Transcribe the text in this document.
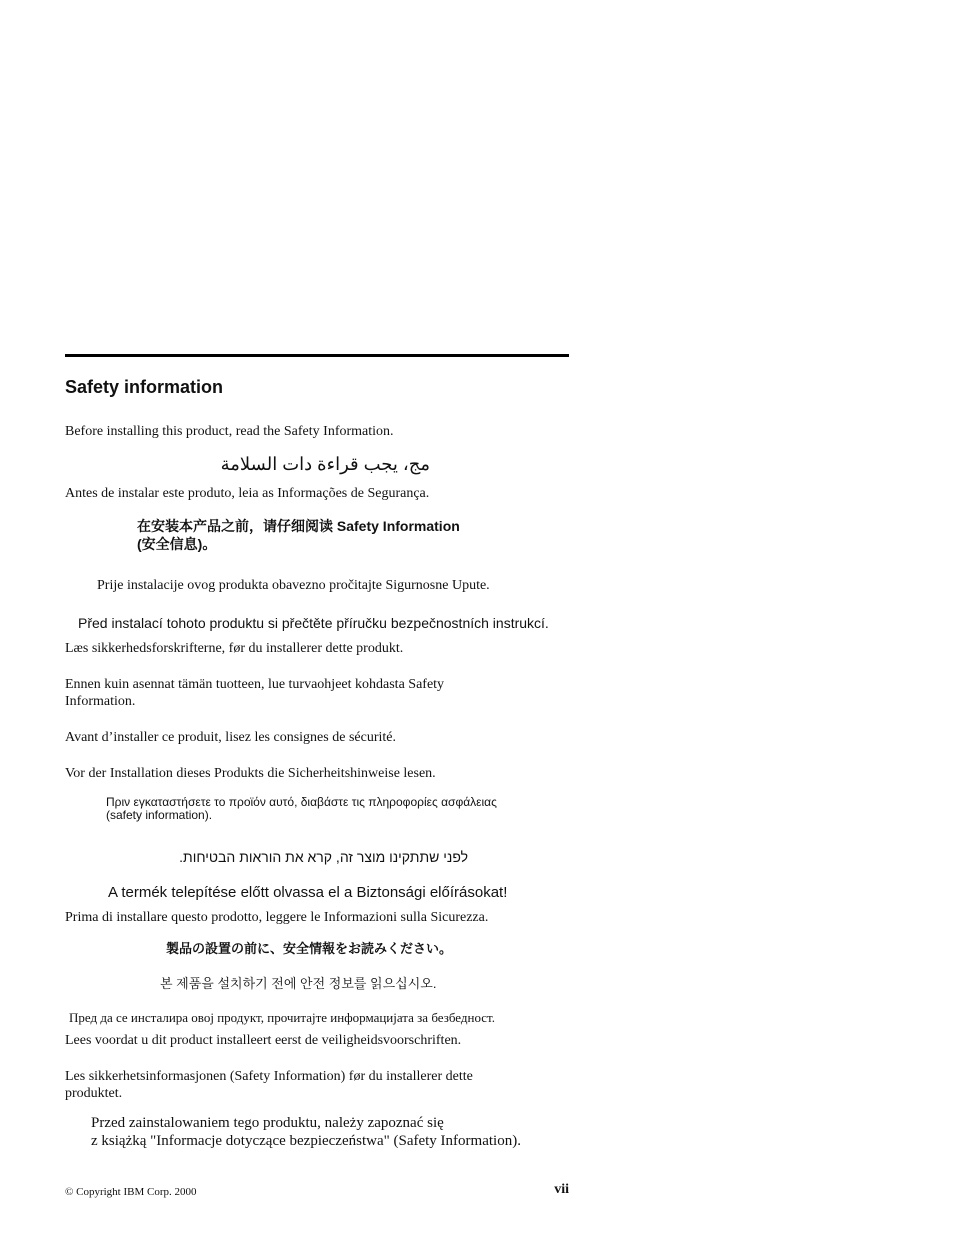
Safety information
Before installing this product, read the Safety Information.
مج، يجب قراءة دات السلامة
Antes de instalar este produto, leia as Informações de Segurança.
在安装本产品之前，请仔细阅读 Safety Information
(安全信息)。
Prije instalacije ovog produkta obavezno pročitajte Sigurnosne Upute.
Před instalací tohoto produktu si přečtěte příručku bezpečnostních instrukcí.
Læs sikkerhedsforskrifterne, før du installerer dette produkt.
Ennen kuin asennat tämän tuotteen, lue turvaohjeet kohdasta Safety
Information.
Avant d’installer ce produit, lisez les consignes de sécurité.
Vor der Installation dieses Produkts die Sicherheitshinweise lesen.
Πριν εγκαταστήσετε το προϊόν αυτό, διαβάστε τις πληροφορίες ασφάλειας
(safety information).
לפני שתתקינו מוצר זה, קרא את הוראות הבטיחות.
A termék telepítése előtt olvassa el a Biztonsági előírásokat!
Prima di installare questo prodotto, leggere le Informazioni sulla Sicurezza.
製品の設置の前に、安全情報をお読みください。
본 제품을 설치하기 전에 안전 정보를 읽으십시오.
Пред да се инсталира овој продукт, прочитајте информацијата за безбедност.
Lees voordat u dit product installeert eerst de veiligheidsvoorschriften.
Les sikkerhetsinformasjonen (Safety Information) før du installerer dette
produktet.
Przed zainstalowaniem tego produktu, należy zapoznać się
z książką "Informacje dotyczące bezpieczeństwa" (Safety Information).
© Copyright IBM Corp. 2000	vii
